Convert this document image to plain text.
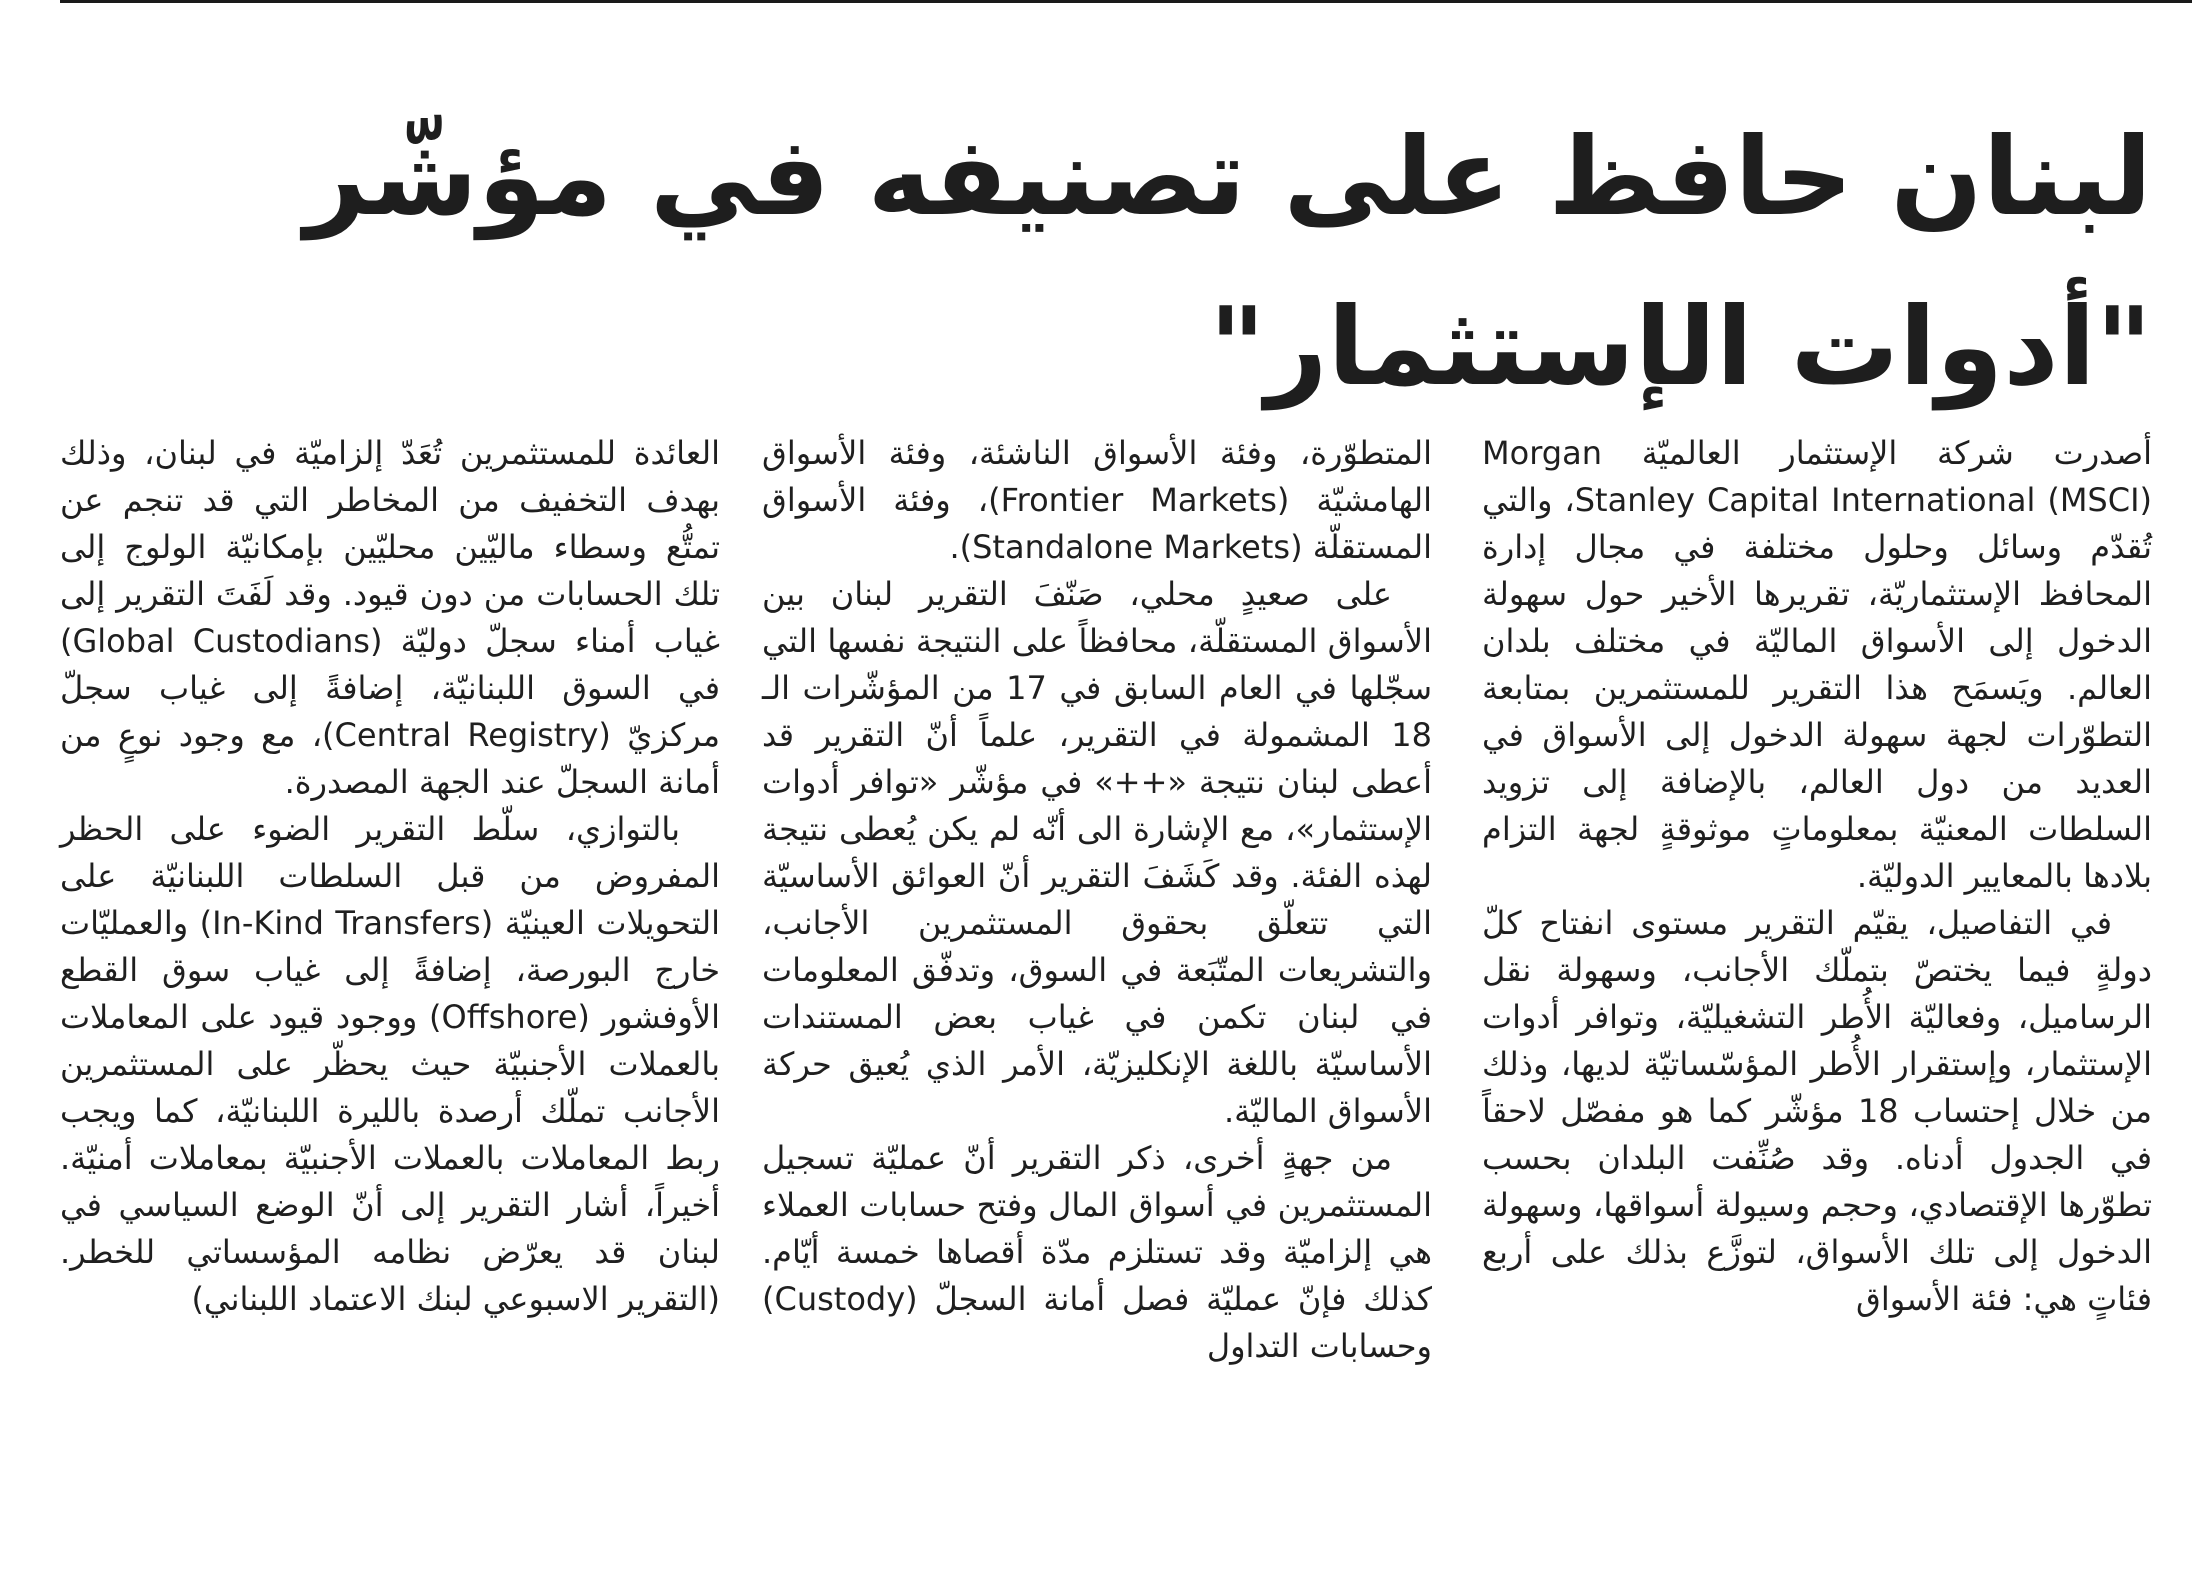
لبنان حافظ على تصنيفه في مؤشّر
"أدوات الإستثمار"

أصدرت شركة الإستثمار العالميّة Morgan Stanley Capital International (MSCI)، والتي تُقدّم وسائل وحلول مختلفة في مجال إدارة المحافظ الإستثماريّة، تقريرها الأخير حول سهولة الدخول إلى الأسواق الماليّة في مختلف بلدان العالم. ويَسمَح هذا التقرير للمستثمرين بمتابعة التطوّرات لجهة سهولة الدخول إلى الأسواق في العديد من دول العالم، بالإضافة إلى تزويد السلطات المعنيّة بمعلوماتٍ موثوقةٍ لجهة التزام بلادها بالمعايير الدوليّة.

في التفاصيل، يقيّم التقرير مستوى انفتاح كلّ دولةٍ فيما يختصّ بتملّك الأجانب، وسهولة نقل الرساميل، وفعاليّة الأُطر التشغيليّة، وتوافر أدوات الإستثمار، وإستقرار الأُطر المؤسّساتيّة لديها، وذلك من خلال إحتساب 18 مؤشّر كما هو مفصّل لاحقاً في الجدول أدناه. وقد صُنِّفت البلدان بحسب تطوّرها الإقتصادي، وحجم وسيولة أسواقها، وسهولة الدخول إلى تلك الأسواق، لتوزَّع بذلك على أربع فئاتٍ هي: فئة الأسواق

المتطوّرة، وفئة الأسواق الناشئة، وفئة الأسواق الهامشيّة (Frontier Markets)، وفئة الأسواق المستقلّة (Standalone Markets).

على صعيدٍ محلي، صَنّفَ التقرير لبنان بين الأسواق المستقلّة، محافظاً على النتيجة نفسها التي سجّلها في العام السابق في 17 من المؤشّرات الـ 18 المشمولة في التقرير، علماً أنّ التقرير قد أعطى لبنان نتيجة «++» في مؤشّر «توافر أدوات الإستثمار»، مع الإشارة الى أنّه لم يكن يُعطى نتيجة لهذه الفئة. وقد كَشَفَ التقرير أنّ العوائق الأساسيّة التي تتعلّق بحقوق المستثمرين الأجانب، والتشريعات المتّبَعة في السوق، وتدفّق المعلومات في لبنان تكمن في غياب بعض المستندات الأساسيّة باللغة الإنكليزيّة، الأمر الذي يُعيق حركة الأسواق الماليّة.

من جهةٍ أخرى، ذكر التقرير أنّ عمليّة تسجيل المستثمرين في أسواق المال وفتح حسابات العملاء هي إلزاميّة وقد تستلزم مدّة أقصاها خمسة أيّام. كذلك فإنّ عمليّة فصل أمانة السجلّ (Custody) وحسابات التداول

العائدة للمستثمرين تُعَدّ إلزاميّة في لبنان، وذلك بهدف التخفيف من المخاطر التي قد تنجم عن تمتُّع وسطاء ماليّين محليّين بإمكانيّة الولوج إلى تلك الحسابات من دون قيود. وقد لَفَتَ التقرير إلى غياب أمناء سجلّ دوليّة (Global Custodians) في السوق اللبنانيّة، إضافةً إلى غياب سجلّ مركزيّ (Central Registry)، مع وجود نوعٍ من أمانة السجلّ عند الجهة المصدرة.

بالتوازي، سلّط التقرير الضوء على الحظر المفروض من قبل السلطات اللبنانيّة على التحويلات العينيّة (In-Kind Transfers) والعمليّات خارج البورصة، إضافةً إلى غياب سوق القطع الأوفشور (Offshore) ووجود قيود على المعاملات بالعملات الأجنبيّة حيث يحظّر على المستثمرين الأجانب تملّك أرصدة بالليرة اللبنانيّة، كما ويجب ربط المعاملات بالعملات الأجنبيّة بمعاملات أمنيّة. أخيراً، أشار التقرير إلى أنّ الوضع السياسي في لبنان قد يعرّض نظامه المؤسساتي للخطر. (التقرير الاسبوعي لبنك الاعتماد اللبناني)
